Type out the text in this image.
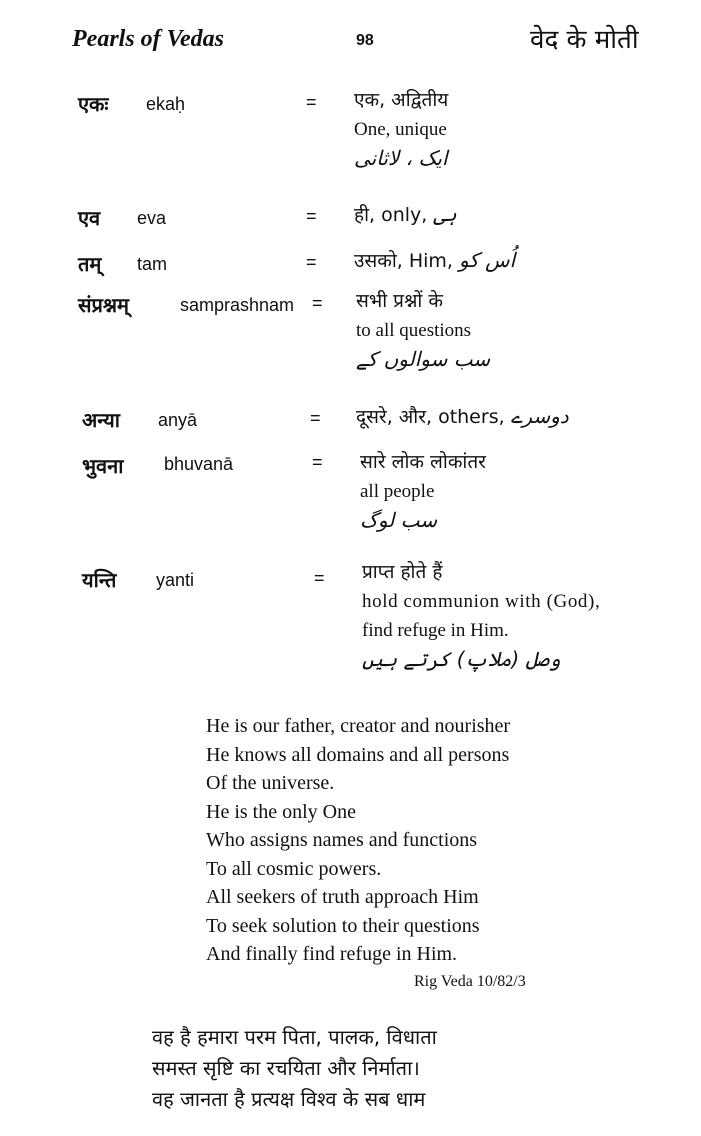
Pearls of Vedas	98	वेद के मोती
एकः ekaḥ	= एक, अद्वितीय
One, unique
ایک ، لاثانی
एव eva	= ही, only, ہی
तम् tam	= उसको, Him, اُس کو
संप्रश्नम्	samprashnam = सभी प्रश्नों के
to all questions
سب سوالوں کے
अन्या anyā	= दूसरे, और, others, دوسرے
भुवना bhuvanā	= सारे लोक लोकांतर
all people
سب لوگ
यन्ति yanti	= प्राप्त होते हैं
hold communion with (God),
find refuge in Him.
وصل (ملاپ) کرتے ہیں
He is our father, creator and nourisher
He knows all domains and all persons
Of the universe.
He is the only One
Who assigns names and functions
To all cosmic powers.
All seekers of truth approach Him
To seek solution to their questions
And finally find refuge in Him.
Rig Veda 10/82/3
वह है हमारा परम पिता, पालक, विधाता
समस्त सृष्टि का रचयिता और निर्माता।
वह जानता है प्रत्यक्ष विश्व के सब धाम
